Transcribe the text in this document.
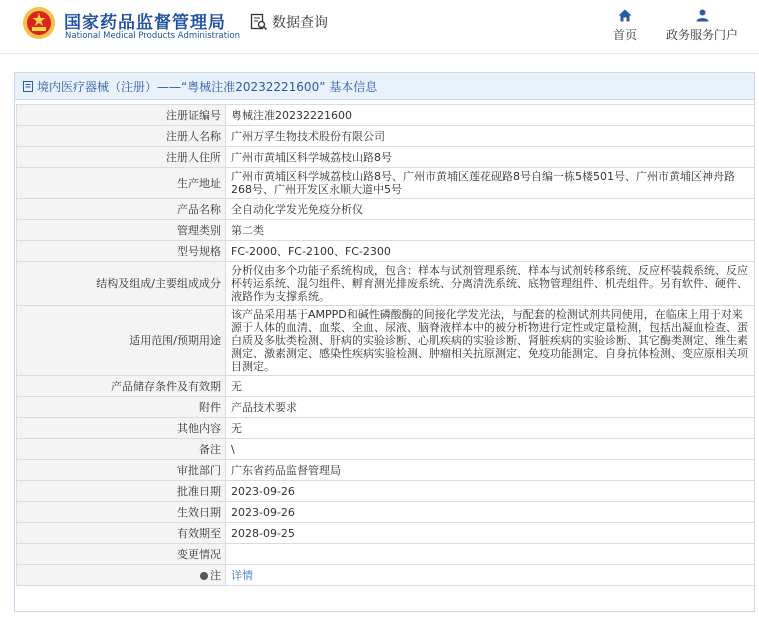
国家药品监督管理局
National Medical Products Administration
数据查询
首页 政务服务门户
境内医疗器械（注册）——“粤械注准20232221600” 基本信息
注册证编号	粤械注准20232221600
注册人名称	广州万孚生物技术股份有限公司
注册人住所	广州市黄埔区科学城荔枝山路8号
生产地址	广州市黄埔区科学城荔枝山路8号、广州市黄埔区莲花砚路8号自编一栋5楼501号、广州市黄埔区神舟路268号、广州开发区永顺大道中5号
产品名称	全自动化学发光免疫分析仪
管理类别	第二类
型号规格	FC-2000、FC-2100、FC-2300
结构及组成/主要组成成分	分析仪由多个功能子系统构成，包含：样本与试剂管理系统、样本与试剂转移系统、反应杯装载系统、反应杯转运系统、混匀组件、孵育测光排废系统、分离清洗系统、底物管理组件、机壳组件。另有软件、硬件、液路作为支撑系统。
适用范围/预期用途	该产品采用基于AMPPD和碱性磷酸酶的间接化学发光法，与配套的检测试剂共同使用，在临床上用于对来源于人体的血清、血浆、全血、尿液、脑脊液样本中的被分析物进行定性或定量检测，包括出凝血检查、蛋白质及多肽类检测、肝病的实验诊断、心肌疾病的实验诊断、肾脏疾病的实验诊断、其它酶类测定、维生素测定、激素测定、感染性疾病实验检测、肿瘤相关抗原测定、免疫功能测定、自身抗体检测、变应原相关项目测定。
产品储存条件及有效期	无
附件	产品技术要求
其他内容	无
备注	\
审批部门	广东省药品监督管理局
批准日期	2023-09-26
生效日期	2023-09-26
有效期至	2028-09-25
变更情况	
注	详情
